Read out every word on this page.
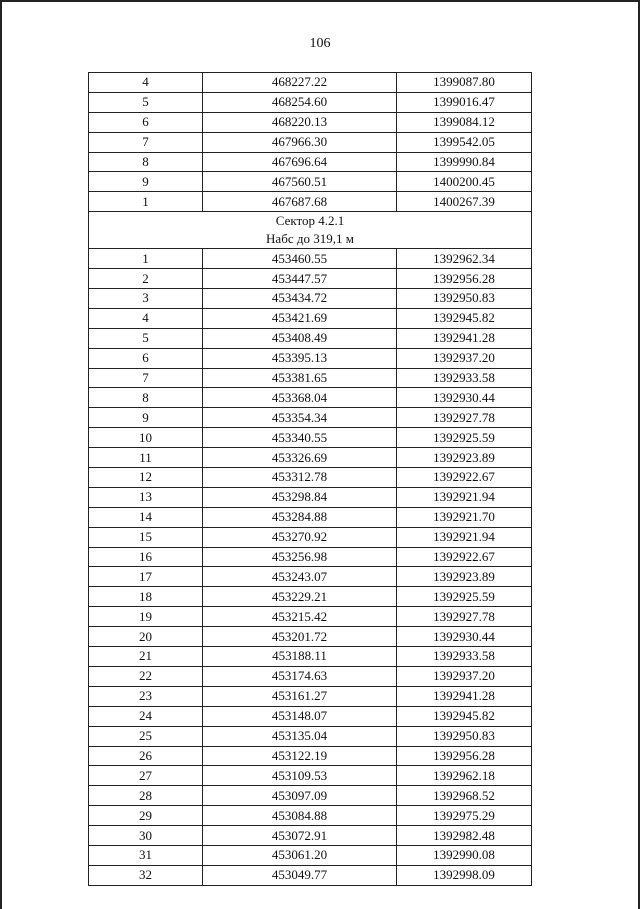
106
4	468227.22	1399087.80
5	468254.60	1399016.47
6	468220.13	1399084.12
7	467966.30	1399542.05
8	467696.64	1399990.84
9	467560.51	1400200.45
1	467687.68	1400267.39

Сектор 4.2.1
Набс до 319,1 м		

1	453460.55	1392962.34
2	453447.57	1392956.28
3	453434.72	1392950.83
4	453421.69	1392945.82
5	453408.49	1392941.28
6	453395.13	1392937.20
7	453381.65	1392933.58
8	453368.04	1392930.44
9	453354.34	1392927.78
10	453340.55	1392925.59
11	453326.69	1392923.89
12	453312.78	1392922.67
13	453298.84	1392921.94
14	453284.88	1392921.70
15	453270.92	1392921.94
16	453256.98	1392922.67
17	453243.07	1392923.89
18	453229.21	1392925.59
19	453215.42	1392927.78
20	453201.72	1392930.44
21	453188.11	1392933.58
22	453174.63	1392937.20
23	453161.27	1392941.28
24	453148.07	1392945.82
25	453135.04	1392950.83
26	453122.19	1392956.28
27	453109.53	1392962.18
28	453097.09	1392968.52
29	453084.88	1392975.29
30	453072.91	1392982.48
31	453061.20	1392990.08
32	453049.77	1392998.09
